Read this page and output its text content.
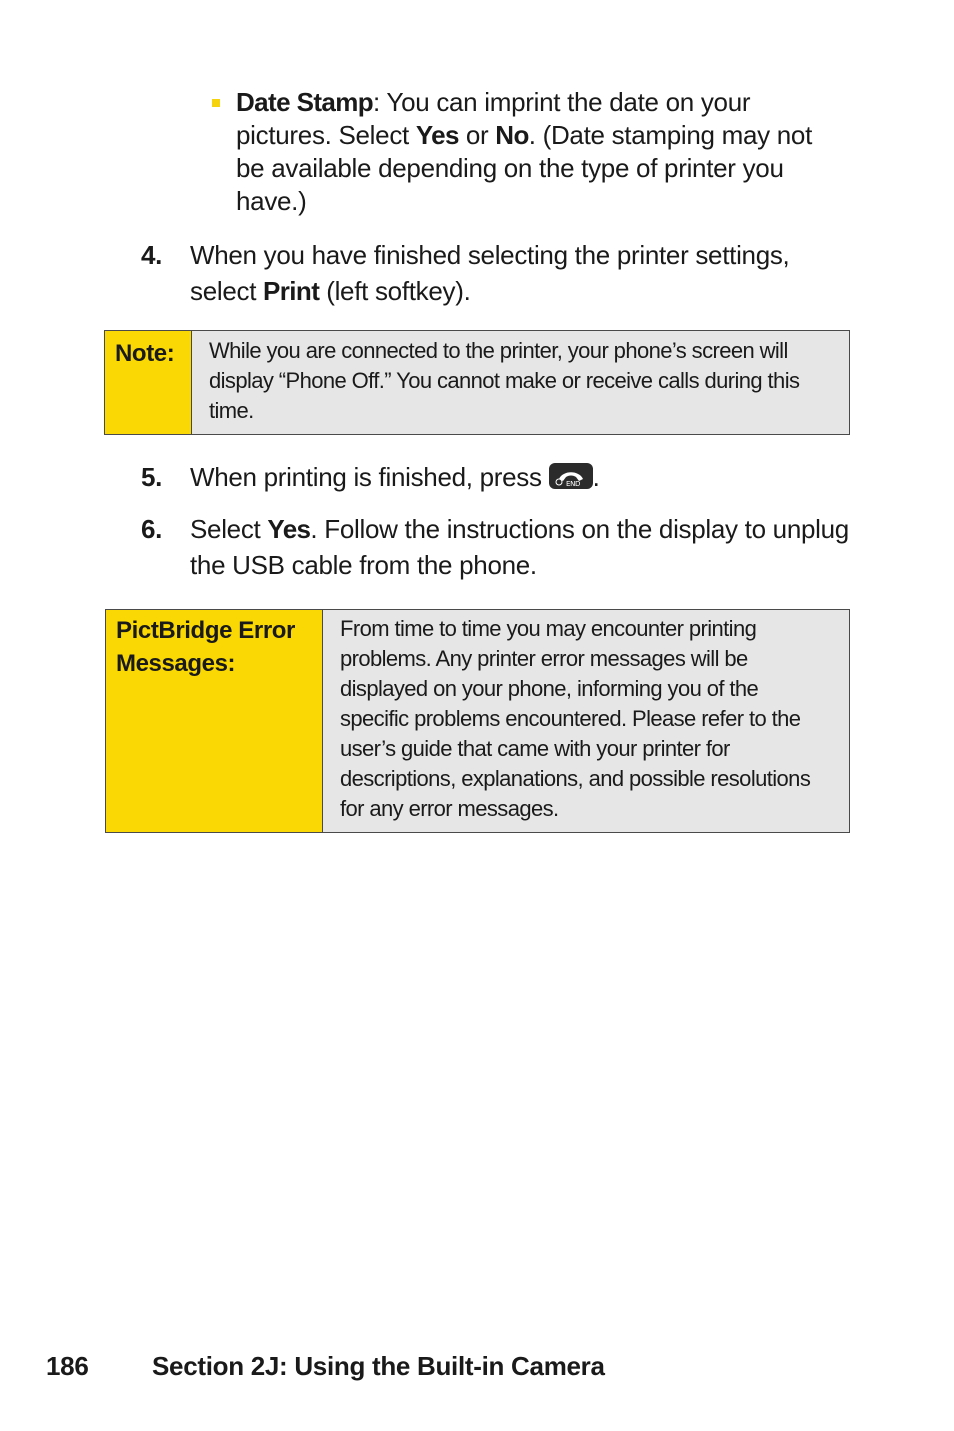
Date Stamp: You can imprint the date on your pictures. Select Yes or No. (Date stamping may not be available depending on the type of printer you have.)
4. When you have finished selecting the printer settings, select Print (left softkey).
Note:	While you are connected to the printer, your phone’s screen will display “Phone Off.” You cannot make or receive calls during this time.
5. When printing is finished, press END .
6. Select Yes. Follow the instructions on the display to unplug the USB cable from the phone.
PictBridge Error Messages:
From time to time you may encounter printing problems. Any printer error messages will be displayed on your phone, informing you of the specific problems encountered. Please refer to the user’s guide that came with your printer for descriptions, explanations, and possible resolutions for any error messages.
186 Section 2J: Using the Built-in Camera
